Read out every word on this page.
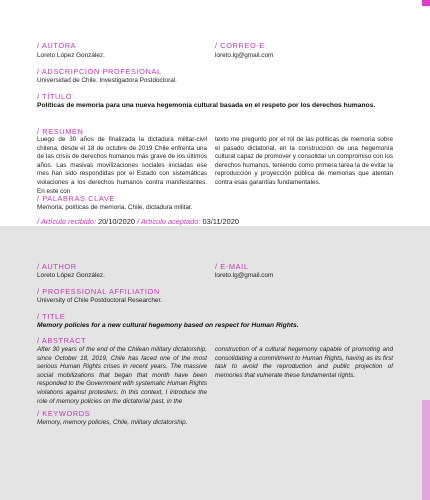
/ AUTORA
Loreto López González.
/ CORREO-E
loreto.lg@gmail.com
/ ADSCRIPCIÓN PROFESIONAL
Universidad de Chile. Investigadora Postdoctoral.
/ TÍTULO
Políticas de memoria para una nueva hegemonía cultural basada en el respeto por los derechos humanos.
/ RESUMEN
Luego de 30 años de finalizada la dictadura militar-civil chilena, desde el 18 de octubre de 2019 Chile enfrenta una de las crisis de derechos humanos más grave de los últimos años. Las masivas movilizaciones sociales iniciadas ese mes han sido respondidas por el Estado con sistemáticas violaciones a los derechos humanos contra manifestantes. En este con
texto me pregunto por el rol de las políticas de memoria sobre el pasado dictatorial, en la construcción de una hegemonía cultural capaz de promover y consolidar un compromiso con los derechos humanos, teniendo como primera tarea la de evitar la reproducción y proyección pública de memorias que atentan contra esas garantías fundamentales.
/ PALABRAS CLAVE
Memoria, políticas de memoria, Chile, dictadura militar.
/ Artículo recibido: 20/10/2020 / Artículo aceptado: 03/11/2020
/ AUTHOR
Loreto López González.
/ E-MAIL
loreto.lg@gmail.com
/ PROFESSIONAL AFFILIATION
University of Chile Postdoctoral Researcher.
/ TITLE
Memory policies for a new cultural hegemony based on respect for Human Rights.
/ ABSTRACT
After 30 years of the end of the Chilean military dictatorship, since October 18, 2019, Chile has faced one of the most serious Human Rights crises in recent years. The massive social mobilizations that began that month have been responded to the Government with systematic Human Rights violations against protesters. In this context, I introduce the role of memory policies on the dictatorial past, in the
construction of a cultural hegemony capable of promoting and consolidating a commitment to Human Rights, having as its first task to avoid the reproduction and public projection of memories that vulnerate these fundamental rights.
/ KEYWORDS
Memory, memory policies, Chile, military dictatorship.
